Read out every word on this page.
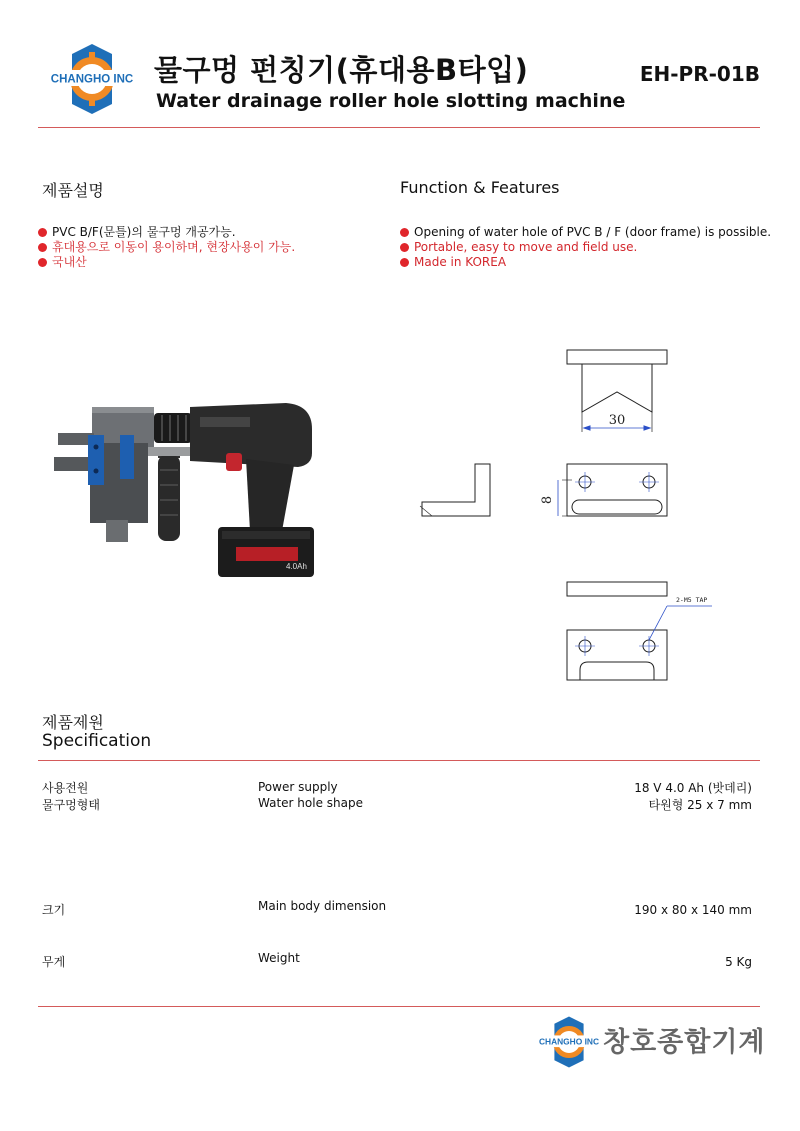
CHANGHO INC 물구멍 펀칭기(휴대용B타입)
Water drainage roller hole slotting machine
EH-PR-01B
제품설명	Function & Features
PVC B/F(문틀)의 물구멍 개공가능.
휴대용으로 이동이 용이하며, 현장사용이 가능.
국내산
Opening of water hole of PVC B / F (door frame) is possible.
Portable, easy to move and field use.
Made in KOREA
4.0Ah
30
8
2-M5 TAP
제품제원
Specification
사용전원	Power supply	18 V 4.0 Ah (밧데리)
물구멍형태	Water hole shape	타원형 25 x 7 mm
크기	Main body dimension	190 x 80 x 140 mm
무게	Weight	5 Kg
CHANGHO INC 창호종합기계
